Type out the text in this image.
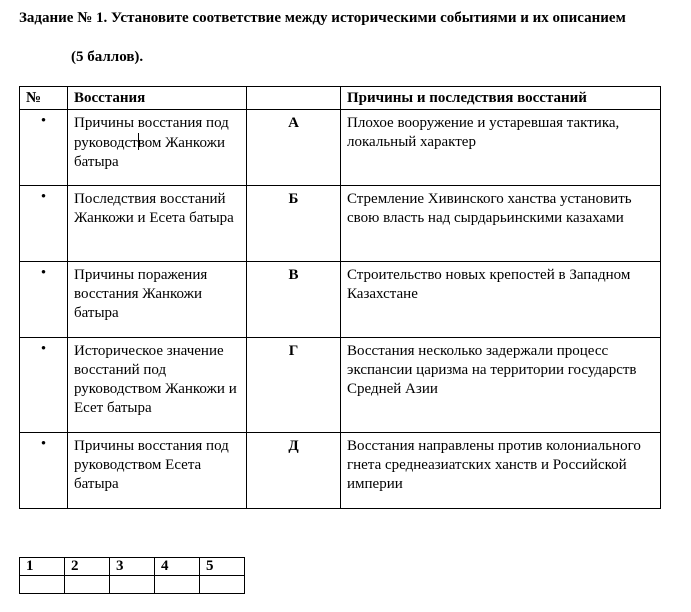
Задание № 1. Установите соответствие между историческими событиями и их описанием
(5 баллов).
№	Восстания		Причины и последствия восстаний
•	Причины восстания под руководством Жанкожи батыра	А	Плохое вооружение и устаревшая тактика, локальный характер
•	Последствия восстаний Жанкожи и Есета батыра	Б	Стремление Хивинского ханства установить свою власть над сырдарьинскими казахами
•	Причины поражения восстания Жанкожи батыра	В	Строительство новых крепостей в Западном Казахстане
•	Историческое значение восстаний под руководством Жанкожи и Есет батыра	Г	Восстания несколько задержали процесс экспансии царизма на территории государств Средней Азии
•	Причины восстания под руководством Есета батыра	Д	Восстания направлены против колониального гнета среднеазиатских ханств и Российской империи
1	2	3	4	5
